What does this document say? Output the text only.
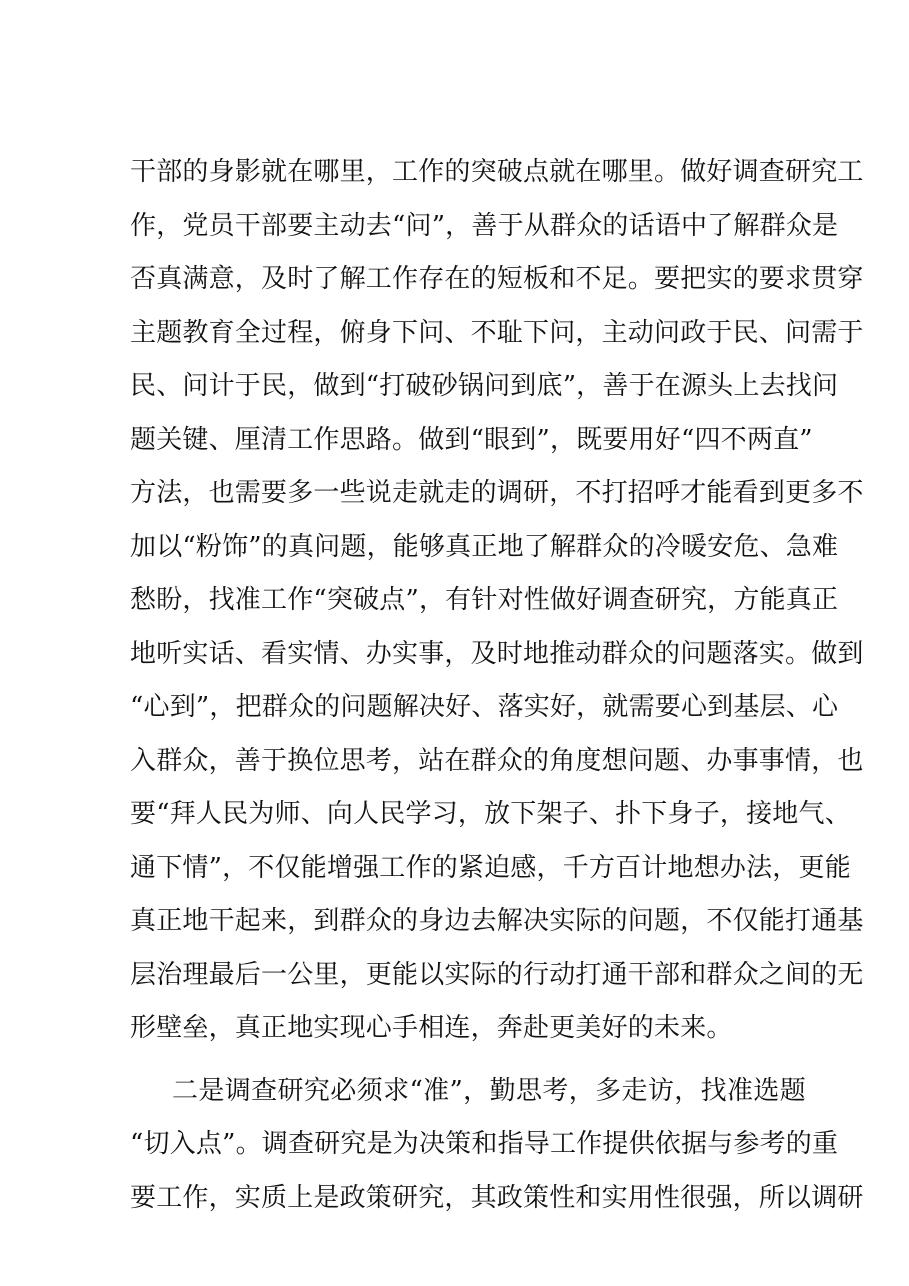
干部的身影就在哪里，工作的突破点就在哪里。做好调查研究工
作，党员干部要主动去“问”，善于从群众的话语中了解群众是
否真满意，及时了解工作存在的短板和不足。要把实的要求贯穿
主题教育全过程，俯身下问、不耻下问，主动问政于民、问需于
民、问计于民，做到“打破砂锅问到底”，善于在源头上去找问
题关键、厘清工作思路。做到“眼到”，既要用好“四不两直”
方法，也需要多一些说走就走的调研，不打招呼才能看到更多不
加以“粉饰”的真问题，能够真正地了解群众的冷暖安危、急难
愁盼，找准工作“突破点”，有针对性做好调查研究，方能真正
地听实话、看实情、办实事，及时地推动群众的问题落实。做到
“心到”，把群众的问题解决好、落实好，就需要心到基层、心
入群众，善于换位思考，站在群众的角度想问题、办事事情，也
要“拜人民为师、向人民学习，放下架子、扑下身子，接地气、
通下情”，不仅能增强工作的紧迫感，千方百计地想办法，更能
真正地干起来，到群众的身边去解决实际的问题，不仅能打通基
层治理最后一公里，更能以实际的行动打通干部和群众之间的无
形壁垒，真正地实现心手相连，奔赴更美好的未来。
二是调查研究必须求“准”，勤思考，多走访，找准选题
“切入点”。调查研究是为决策和指导工作提供依据与参考的重
要工作，实质上是政策研究，其政策性和实用性很强，所以调研
